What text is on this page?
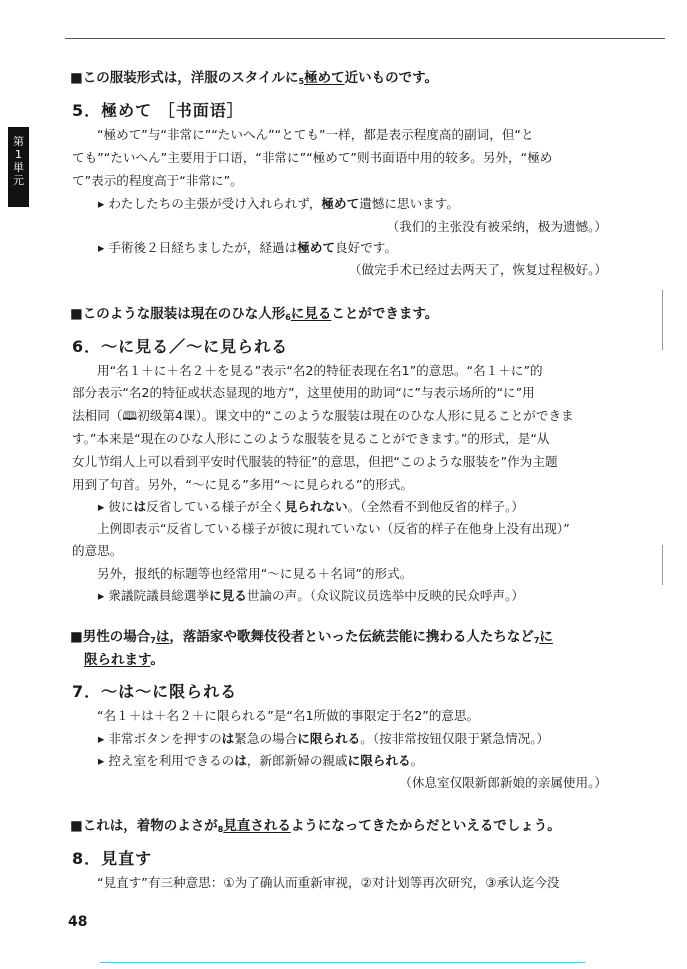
第
1
単
元
■この服装形式は，洋服のスタイルに$_5$極めて近いものです。
5．極めて ［书面语］
“極めて”与“非常に”“たいへん”“とても”一样，都是表示程度高的副词，但“と
ても”“たいへん”主要用于口语，“非常に”“極めて”则书面语中用的较多。另外，“極め
て”表示的程度高于“非常に”。
▸ わたしたちの主張が受け入れられず，極めて遺憾に思います。
（我们的主张没有被采纳，极为遗憾。）
▸ 手術後２日経ちましたが，経過は極めて良好です。
（做完手术已经过去两天了，恢复过程极好。）
■このような服装は現在のひな人形$_6$に見ることができます。
6．～に見る／～に見られる
用“名１＋に＋名２＋を見る”表示“名2的特征表现在名1”的意思。“名１＋に”的
部分表示“名2的特征或状态显现的地方”，这里使用的助词“に”与表示场所的“に”用
法相同（🕮初级第4课）。课文中的“このような服装は現在のひな人形に見ることができま
す。”本来是“現在のひな人形にこのような服装を見ることができます。”的形式，是“从
女儿节绢人上可以看到平安时代服装的特征”的意思，但把“このような服装を”作为主题
用到了句首。另外，“～に見る”多用“～に見られる”的形式。
▸ 彼には反省している様子が全く見られない。（全然看不到他反省的样子。）
上例即表示“反省している様子が彼に現れていない（反省的样子在他身上没有出现）”
的意思。
另外，报纸的标题等也经常用“～に見る＋名词”的形式。
▸ 衆議院議員総選挙に見る世論の声。（众议院议员选举中反映的民众呼声。）
■男性の場合$_7$は，落語家や歌舞伎役者といった伝統芸能に携わる人たちなど$_7$に
限られます。
7．～は～に限られる
“名１＋は＋名２＋に限られる”是“名1所做的事限定于名2”的意思。
▸ 非常ボタンを押すのは緊急の場合に限られる。（按非常按钮仅限于紧急情况。）
▸ 控え室を利用できるのは，新郎新婦の親戚に限られる。
（休息室仅限新郎新娘的亲属使用。）
■これは，着物のよさが$_8$見直されるようになってきたからだといえるでしょう。
8．見直す
“見直す”有三种意思：①为了确认而重新审视，②对计划等再次研究，③承认迄今没
48
